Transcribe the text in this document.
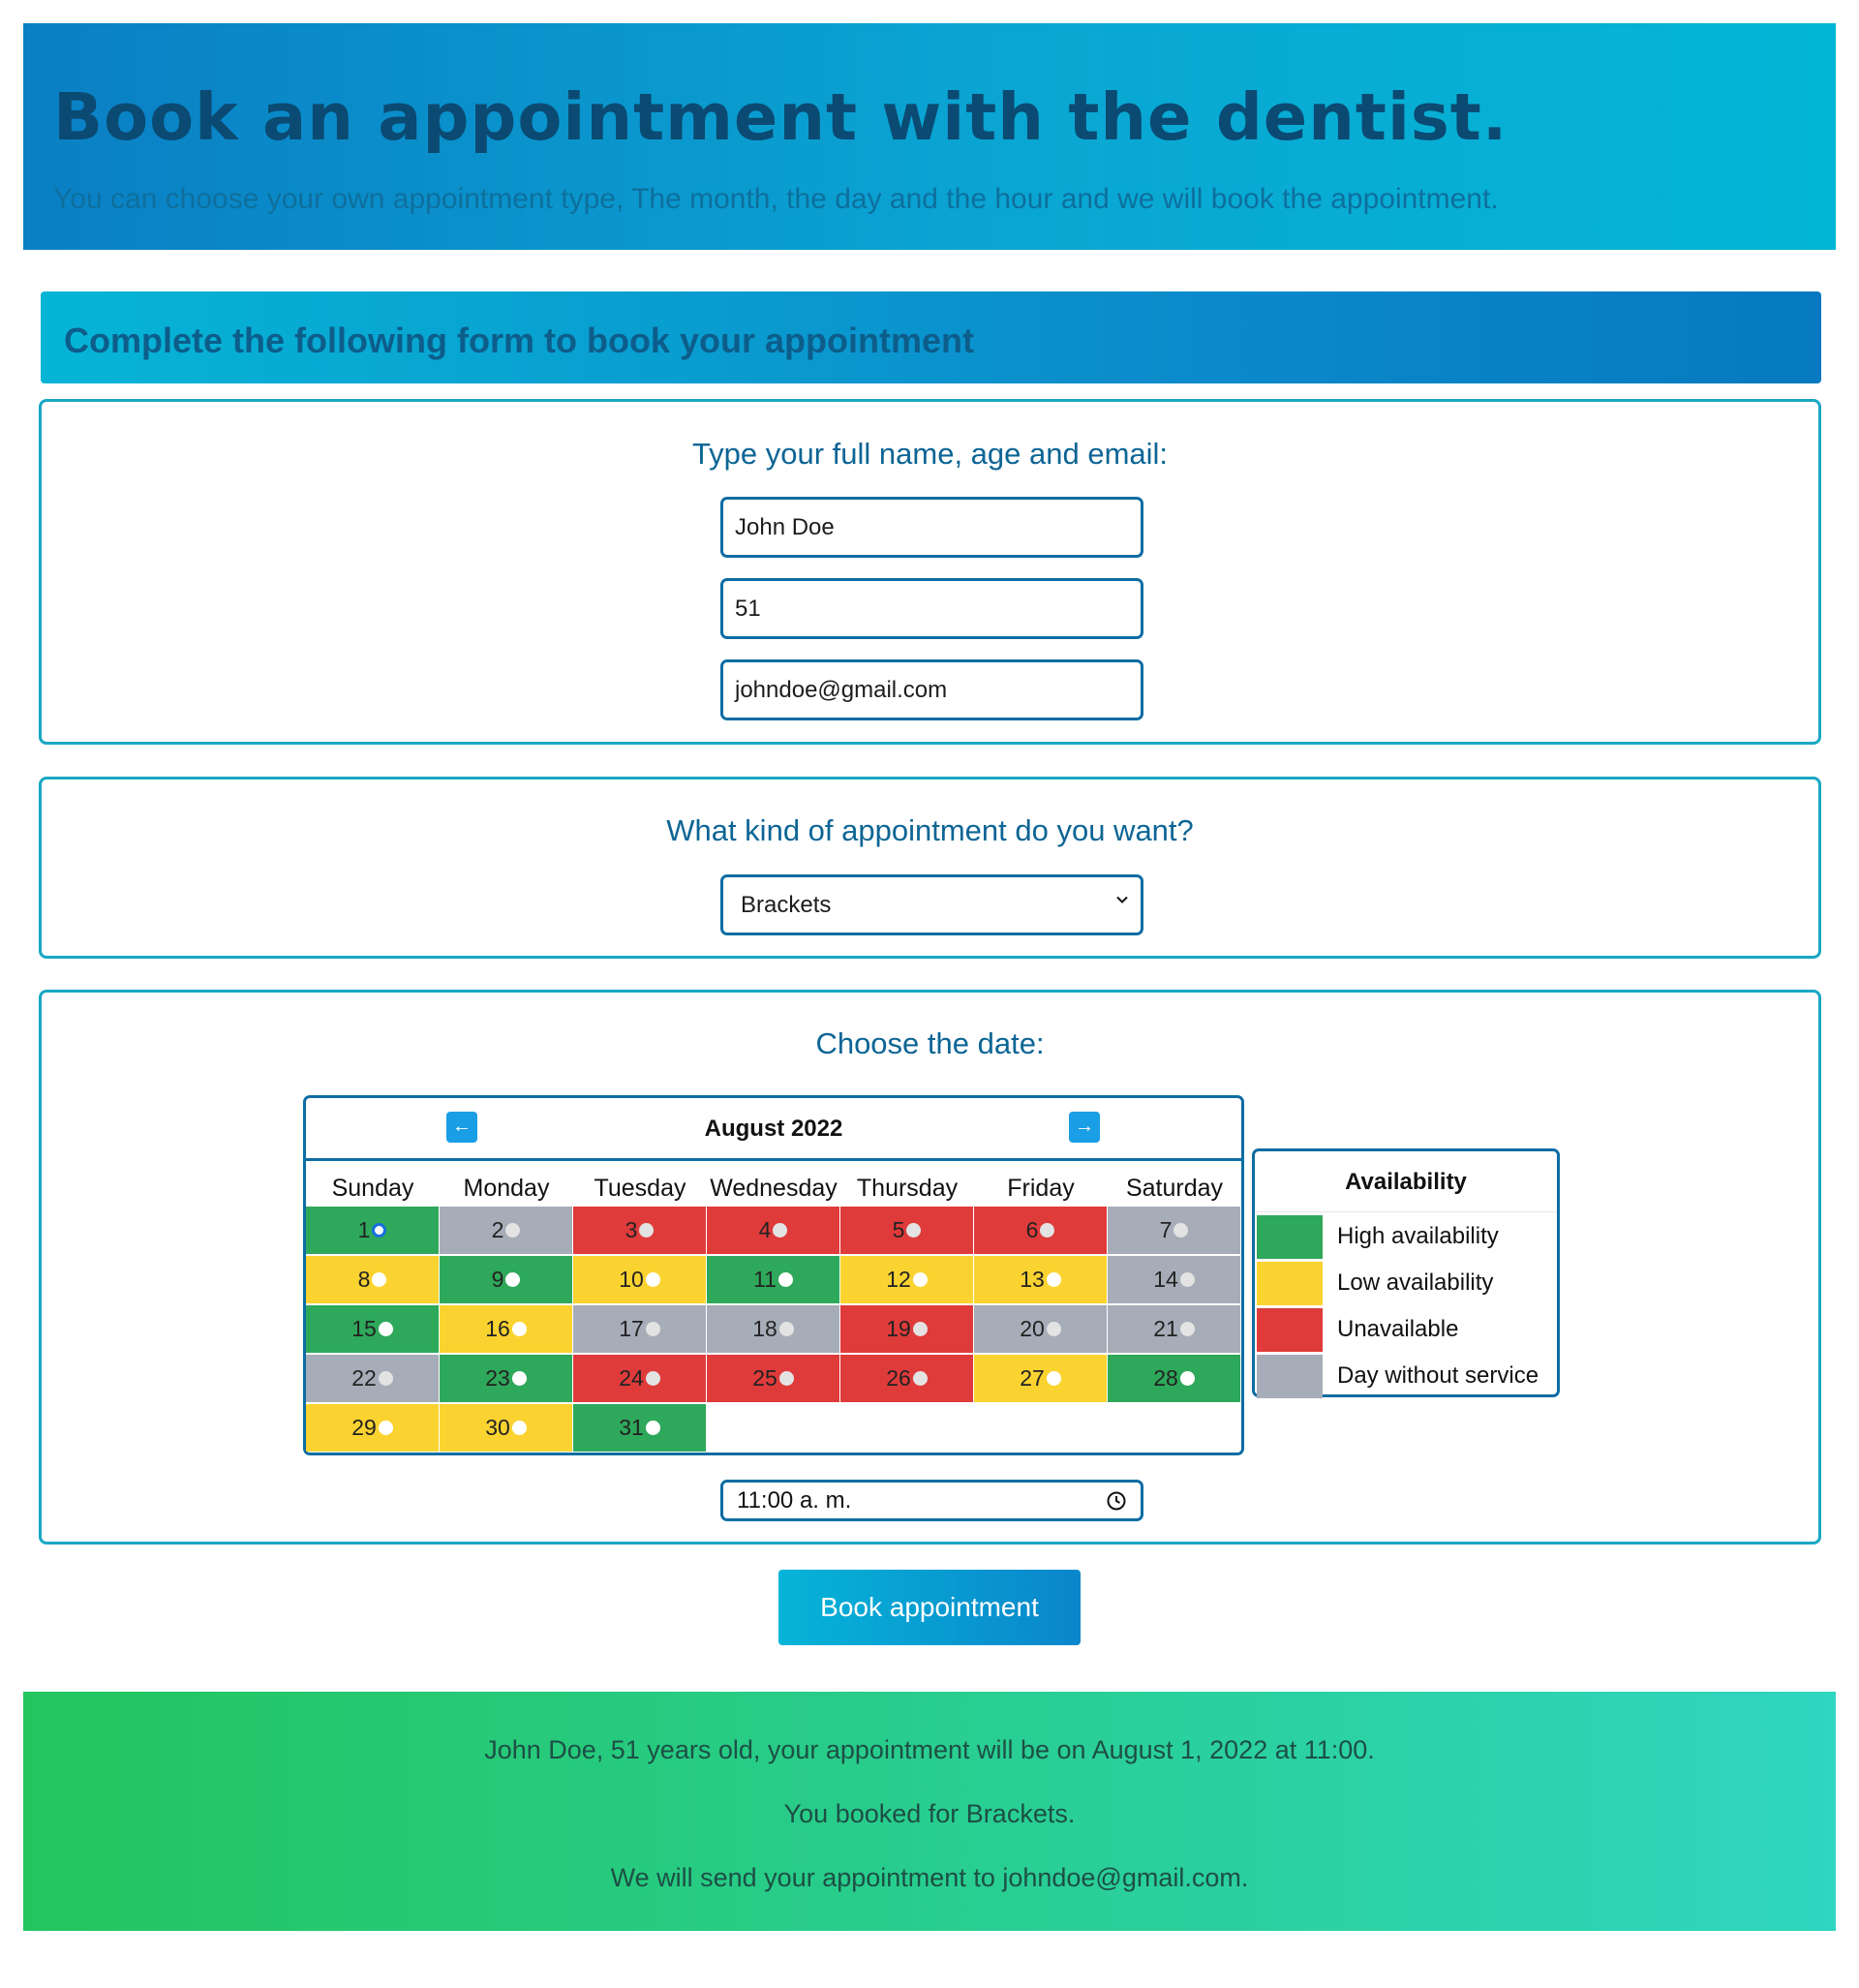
Book an appointment with the dentist.

You can choose your own appointment type, The month, the day and the hour and we will book the appointment.

Complete the following form to book your appointment
Type your full name, age and email:
John Doe
51
johndoe@gmail.com
What kind of appointment do you want?
Brackets
Choose the date:
←	August 2022	→
Sunday	Monday	Tuesday Wednesday Thursday	Friday	Saturday
1	2	3	4	5	6	7
8	9	10	11	12	13	14
15	16	17	18	19	20	21
22	23	24	25	26	27	28
29	30	31
Availability
High availability
Low availability
Unavailable
Day without service
11:00 a. m.
Book appointment

John Doe, 51 years old, your appointment will be on August 1, 2022 at 11:00.

You booked for Brackets.

We will send your appointment to johndoe@gmail.com.
